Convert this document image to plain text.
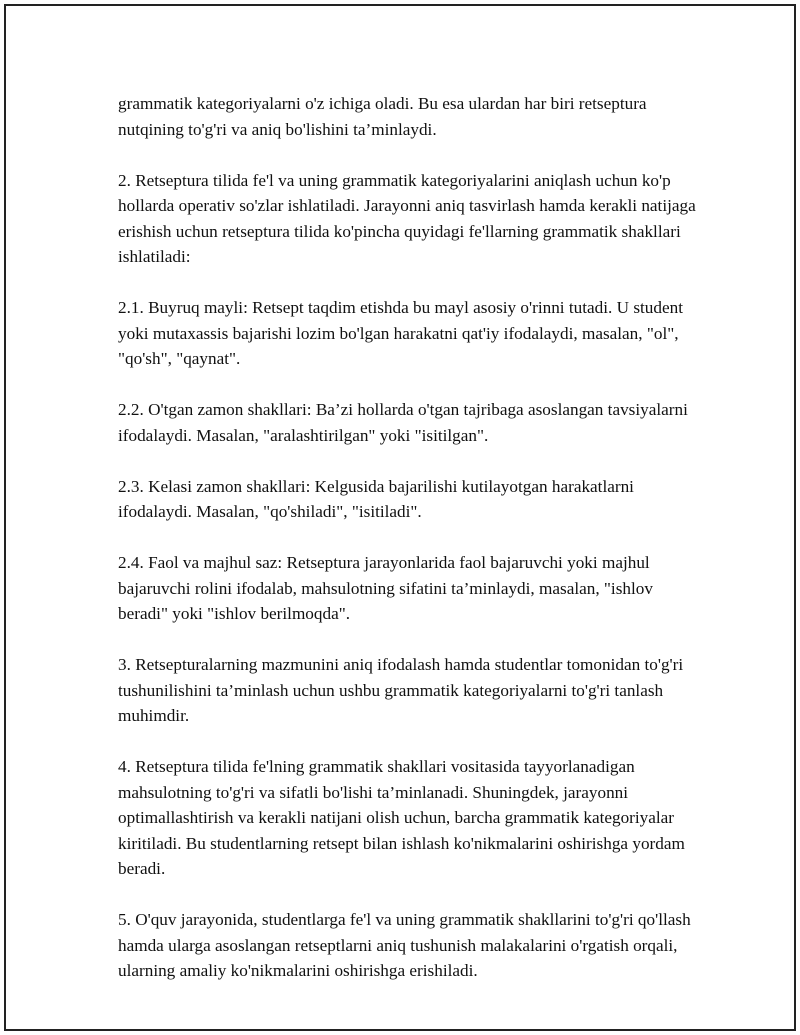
grammatik kategoriyalarni o'z ichiga oladi. Bu esa ulardan har biri retseptura nutqining to'g'ri va aniq bo'lishini ta’minlaydi.

2. Retseptura tilida fe'l va uning grammatik kategoriyalarini aniqlash uchun ko'p hollarda operativ so'zlar ishlatiladi. Jarayonni aniq tasvirlash hamda kerakli natijaga erishish uchun retseptura tilida ko'pincha quyidagi fe'llarning grammatik shakllari ishlatiladi:

2.1. Buyruq mayli: Retsept taqdim etishda bu mayl asosiy o'rinni tutadi. U student yoki mutaxassis bajarishi lozim bo'lgan harakatni qat'iy ifodalaydi, masalan, "ol", "qo'sh", "qaynat".

2.2. O'tgan zamon shakllari: Ba’zi hollarda o'tgan tajribaga asoslangan tavsiyalarni ifodalaydi. Masalan, "aralashtirilgan" yoki "isitilgan".

2.3. Kelasi zamon shakllari: Kelgusida bajarilishi kutilayotgan harakatlarni ifodalaydi. Masalan, "qo'shiladi", "isitiladi".

2.4. Faol va majhul saz: Retseptura jarayonlarida faol bajaruvchi yoki majhul bajaruvchi rolini ifodalab, mahsulotning sifatini ta’minlaydi, masalan, "ishlov beradi" yoki "ishlov berilmoqda".

3. Retsepturalarning mazmunini aniq ifodalash hamda studentlar tomonidan to'g'ri tushunilishini ta’minlash uchun ushbu grammatik kategoriyalarni to'g'ri tanlash muhimdir.

4. Retseptura tilida fe'lning grammatik shakllari vositasida tayyorlanadigan mahsulotning to'g'ri va sifatli bo'lishi ta’minlanadi. Shuningdek, jarayonni optimallashtirish va kerakli natijani olish uchun, barcha grammatik kategoriyalar kiritiladi. Bu studentlarning retsept bilan ishlash ko'nikmalarini oshirishga yordam beradi.

5. O'quv jarayonida, studentlarga fe'l va uning grammatik shakllarini to'g'ri qo'llash hamda ularga asoslangan retseptlarni aniq tushunish malakalarini o'rgatish orqali, ularning amaliy ko'nikmalarini oshirishga erishiladi.
